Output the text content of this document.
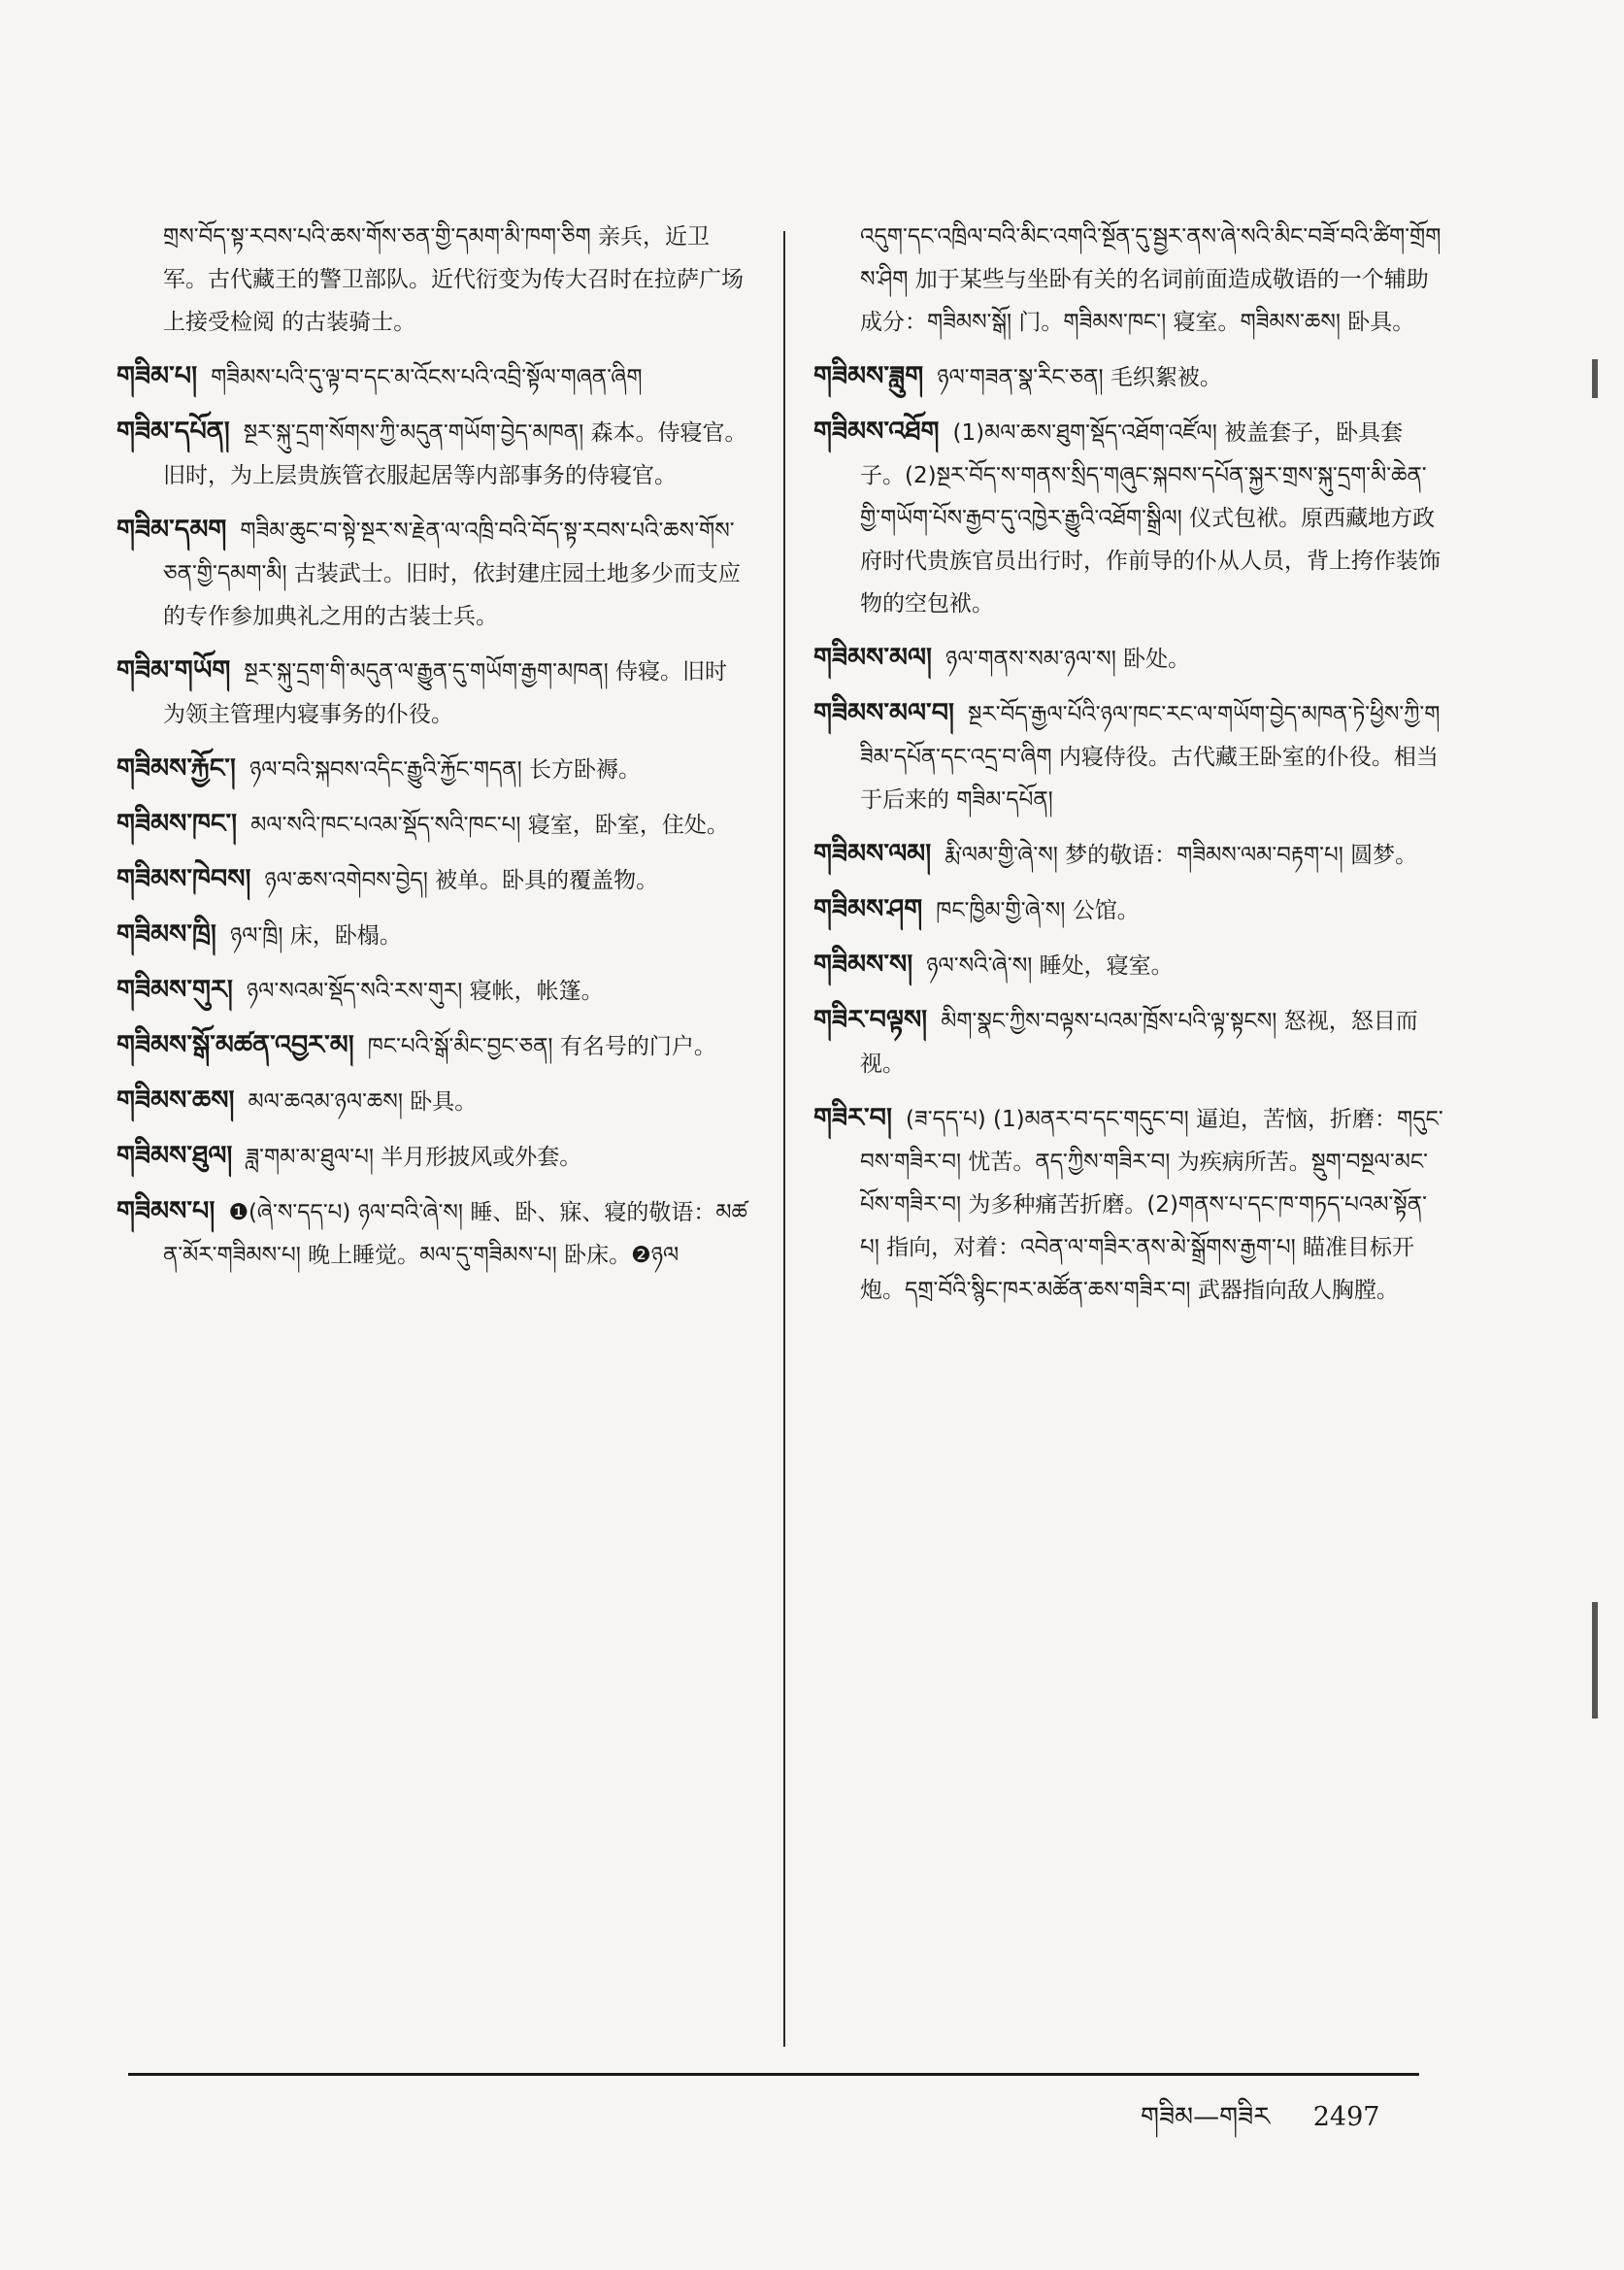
གྲས་བོད་སྟ་རབས་པའི་ཆས་གོས་ཅན་གྱི་དམག་མི་ཁག་ཅིག 亲兵，近卫军。古代藏王的警卫部队。近代衍变为传大召时在拉萨广场上接受检阅 的古装骑士。
གཟིམ་པ། གཟིམས་པའི་དུ་ལྟ་བ་དང་མ་འོངས་པའི་འབྲི་སྟོལ་གཞན་ཞིག
གཟིམ་དཔོན། སྔར་སྐུ་དྲག་སོགས་ཀྱི་མདུན་གཡོག་བྱེད་མཁན། 森本。侍寝官。旧时，为上层贵族管衣服起居等内部事务的侍寝官。
གཟིམ་དམག གཟིམ་ཆུང་བ་སྟེ་སྔར་ས་རྗེན་ལ་འཁྲི་བའི་བོད་སྟ་རབས་པའི་ཆས་གོས་ཅན་གྱི་དམག་མི། 古装武士。旧时，依封建庄园土地多少而支应的专作参加典礼之用的古装士兵。
གཟིམ་གཡོག སྔར་སྐུ་དྲག་གི་མདུན་ལ་རྒྱུན་དུ་གཡོག་རྒྱག་མཁན། 侍寝。旧时为领主管理内寝事务的仆役。
གཟིམས་རྐྱོང་། ཉལ་བའི་སྐབས་འདིང་རྒྱུའི་རྐྱོང་གདན། 长方卧褥。
གཟིམས་ཁང་། མལ་སའི་ཁང་པའམ་སྡོད་སའི་ཁང་པ། 寝室，卧室，住处。
གཟིམས་ཁེབས། ཉལ་ཆས་འགེབས་བྱེད། 被单。卧具的覆盖物。
གཟིམས་ཁྲི། ཉལ་ཁྲི། 床，卧榻。
གཟིམས་གུར། ཉལ་སའམ་སྡོད་སའི་རས་གུར། 寝帐，帐篷。
གཟིམས་སྒོ་མཚན་འབྱར་མ། ཁང་པའི་སྒོ་མིང་བྱང་ཅན། 有名号的门户。
གཟིམས་ཆས། མལ་ཆའམ་ཉལ་ཆས། 卧具。
གཟིམས་ཐུལ། ཟླ་གམ་མ་ཐུལ་པ། 半月形披风或外套。
གཟིམས་པ། ❶(ཞེ་ས་དད་པ) ཉལ་བའི་ཞེ་ས། 睡、卧、寐、寝的敬语：མཚན་མོར་གཟིམས་པ། 晚上睡觉。མལ་དུ་གཟིམས་པ། 卧床。❷ཉལ
འདུག་དང་འཁྲིལ་བའི་མིང་འགའི་སྔོན་དུ་སྦྱར་ནས་ཞེ་སའི་མིང་བཟོ་བའི་ཚིག་གྲོགས་ཤིག 加于某些与坐卧有关的名词前面造成敬语的一个辅助成分：གཟིམས་སྒོ། 门。གཟིམས་ཁང་། 寝室。གཟིམས་ཆས། 卧具。
གཟིམས་ཟླུག ཉལ་གཟན་སྣ་རིང་ཅན། 毛织絮被。
གཟིམས་འཐོག (1)མལ་ཆས་ཐུག་སྡོད་འཐོག་འཛོལ། 被盖套子，卧具套子。(2)སྔར་བོད་ས་གནས་སྲིད་གཞུང་སྐབས་དཔོན་སྐྱར་གྲས་སྐུ་དྲག་མི་ཆེན་གྱི་གཡོག་པོས་རྒྱབ་དུ་འཁྱེར་རྒྱུའི་འཐོག་སྒྲིལ། 仪式包袱。原西藏地方政府时代贵族官员出行时，作前导的仆从人员，背上挎作装饰物的空包袱。
གཟིམས་མལ། ཉལ་གནས་སམ་ཉལ་ས། 卧处。
གཟིམས་མལ་བ། སྔར་བོད་རྒྱལ་པོའི་ཉལ་ཁང་རང་ལ་གཡོག་བྱེད་མཁན་ཏེ་ཕྱིས་ཀྱི་གཟིམ་དཔོན་དང་འདྲ་བ་ཞིག 内寝侍役。古代藏王卧室的仆役。相当于后来的 གཟིམ་དཔོན།
གཟིམས་ལམ། རྨི་ལམ་གྱི་ཞེ་ས། 梦的敬语：གཟིམས་ལམ་བརྟག་པ། 圆梦。
གཟིམས་ཤག ཁང་ཁྱིམ་གྱི་ཞེ་ས། 公馆。
གཟིམས་ས། ཉལ་སའི་ཞེ་ས། 睡处，寝室。
གཟིར་བལྟས། མིག་སྣང་ཀྱིས་བལྟས་པའམ་ཁྲོས་པའི་ལྟ་སྟངས། 怒视，怒目而视。
གཟིར་བ། (ཟ་དད་པ) (1)མནར་བ་དང་གདུང་བ། 逼迫，苦恼，折磨：གདུང་བས་གཟིར་བ། 忧苦。ནད་ཀྱིས་གཟིར་བ། 为疾病所苦。སྡུག་བསྔལ་མང་པོས་གཟིར་བ། 为多种痛苦折磨。(2)གནས་པ་དང་ཁ་གཏད་པའམ་སྟོན་པ། 指向，对着：འབེན་ལ་གཟིར་ནས་མེ་སྒྲོགས་རྒྱག་པ། 瞄准目标开炮。དགྲ་བོའི་སྙིང་ཁར་མཚོན་ཆས་གཟིར་བ། 武器指向敌人胸膛。
གཟིམ—གཟིར 2497
